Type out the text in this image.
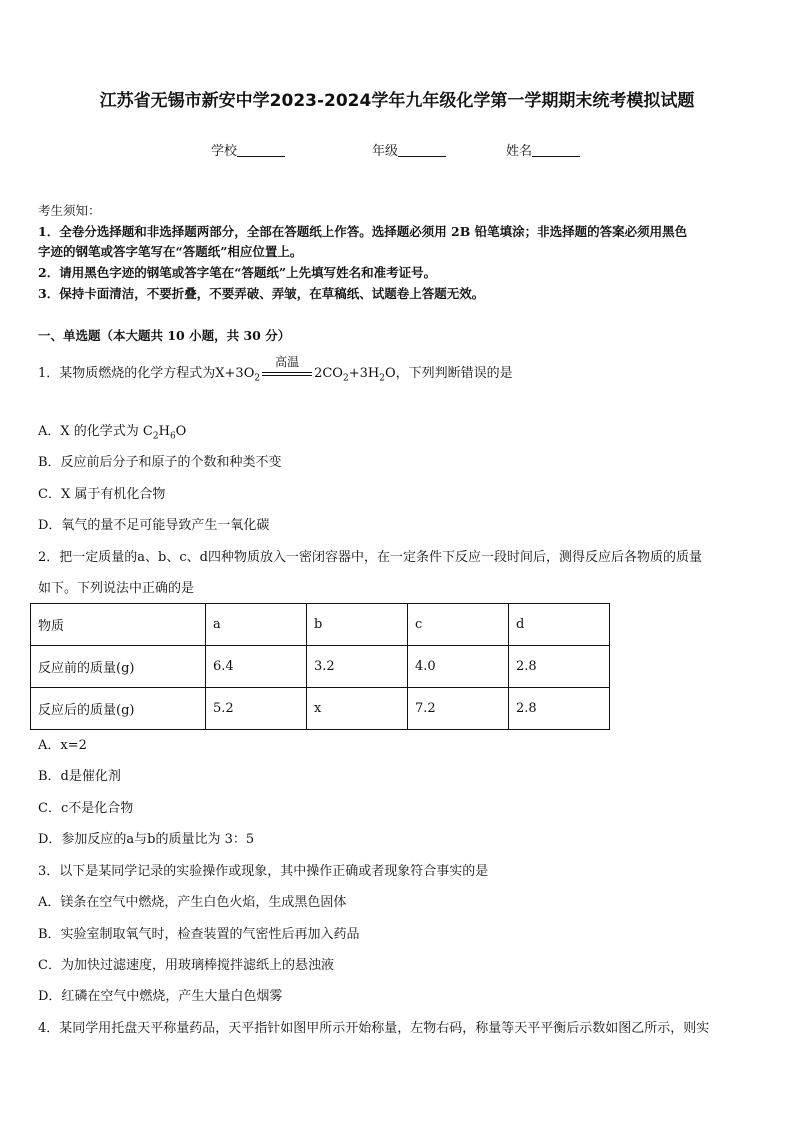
江苏省无锡市新安中学2023-2024学年九年级化学第一学期期末统考模拟试题
学校	年级	姓名
考生须知：
1．全卷分选择题和非选择题两部分，全部在答题纸上作答。选择题必须用 2B 铅笔填涂；非选择题的答案必须用黑色
字迹的钢笔或答字笔写在“答题纸”相应位置上。
2．请用黑色字迹的钢笔或答字笔在“答题纸”上先填写姓名和准考证号。
3．保持卡面清洁，不要折叠，不要弄破、弄皱，在草稿纸、试题卷上答题无效。
一、单选题（本大题共 10 小题，共 30 分）
1．某物质燃烧的化学方程式为$X+3O_2$
高温
$2CO_2+3H_2O$，下列判断错误的是
A．X 的化学式为 $C_2H_6O$
B．反应前后分子和原子的个数和种类不变
C．X 属于有机化合物
D．氧气的量不足可能导致产生一氧化碳
2．把一定质量的a、b、c、d四种物质放入一密闭容器中，在一定条件下反应一段时间后，测得反应后各物质的质量
如下。下列说法中正确的是
物质	a	b	c	d
反应前的质量(g)	6.4	3.2	4.0	2.8
反应后的质量(g)	5.2	x	7.2	2.8
A．x=2
B．d是催化剂
C．c不是化合物
D．参加反应的a与b的质量比为 3：5
3．以下是某同学记录的实验操作或现象，其中操作正确或者现象符合事实的是
A．镁条在空气中燃烧，产生白色火焰，生成黑色固体
B．实验室制取氧气时，检查装置的气密性后再加入药品
C．为加快过滤速度，用玻璃棒搅拌滤纸上的悬浊液
D．红磷在空气中燃烧，产生大量白色烟雾
4．某同学用托盘天平称量药品，天平指针如图甲所示开始称量，左物右码，称量等天平平衡后示数如图乙所示，则实
